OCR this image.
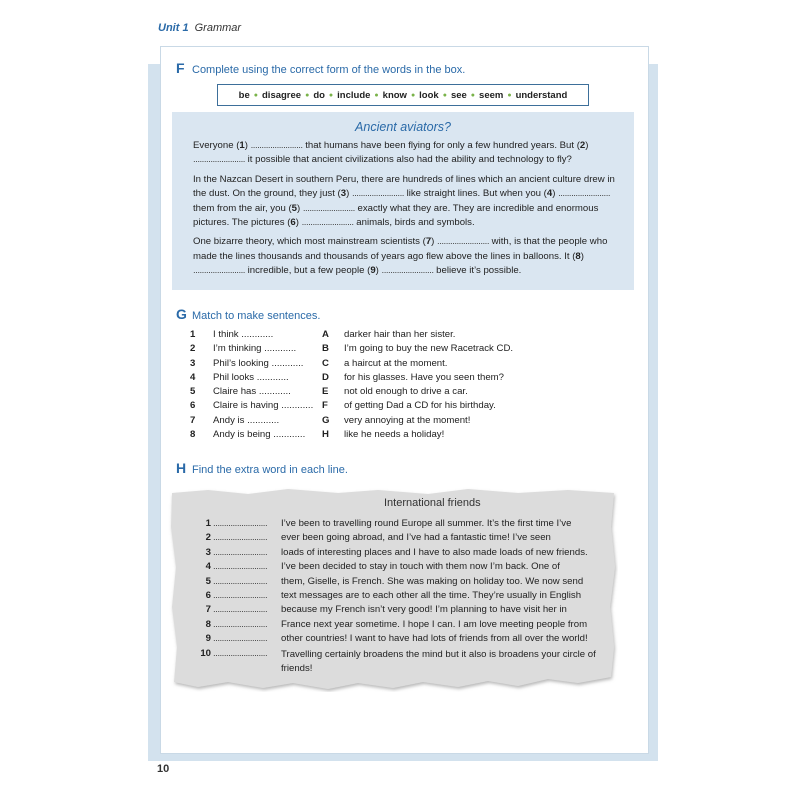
Unit 1 Grammar
F Complete using the correct form of the words in the box.
be ● disagree ● do ● include ● know ● look ● see ● seem ● understand
Ancient aviators?

Everyone (1) ........................ that humans have been flying for only a few hundred years. But (2) ........................ it possible that ancient civilizations also had the ability and technology to fly?

In the Nazcan Desert in southern Peru, there are hundreds of lines which an ancient culture drew in the dust. On the ground, they just (3) ........................ like straight lines. But when you (4) ........................ them from the air, you (5) ........................ exactly what they are. They are incredible and enormous pictures. The pictures (6) ........................ animals, birds and symbols.

One bizarre theory, which most mainstream scientists (7) ........................ with, is that the people who made the lines thousands and thousands of years ago flew above the lines in balloons. It (8) ........................ incredible, but a few people (9) ........................ believe it’s possible.

G Match to make sentences.
1 I think ............	A darker hair than her sister.
2 I’m thinking ............	B I’m going to buy the new Racetrack CD.
3 Phil’s looking ............ C a haircut at the moment.
4 Phil looks ............	D for his glasses. Have you seen them?
5 Claire has ............	E not old enough to drive a car.
6 Claire is having ............ F of getting Dad a CD for his birthday.
7 Andy is ............	G very annoying at the moment!
8 Andy is being ............ H like he needs a holiday!
H Find the extra word in each line.
International friends
1 ......................... I’ve been to travelling round Europe all summer. It’s the first time I’ve
2 ......................... ever been going abroad, and I’ve had a fantastic time! I’ve seen
3 ......................... loads of interesting places and I have to also made loads of new friends.
4 ......................... I’ve been decided to stay in touch with them now I’m back. One of
5 ......................... them, Giselle, is French. She was making on holiday too. We now send
6 ......................... text messages are to each other all the time. They’re usually in English
7 ......................... because my French isn’t very good! I’m planning to have visit her in
8 ......................... France next year sometime. I hope I can. I am love meeting people from
9 ......................... other countries! I want to have had lots of friends from all over the world!
10 ......................... Travelling certainly broadens the mind but it also is broadens your circle of friends!
10
